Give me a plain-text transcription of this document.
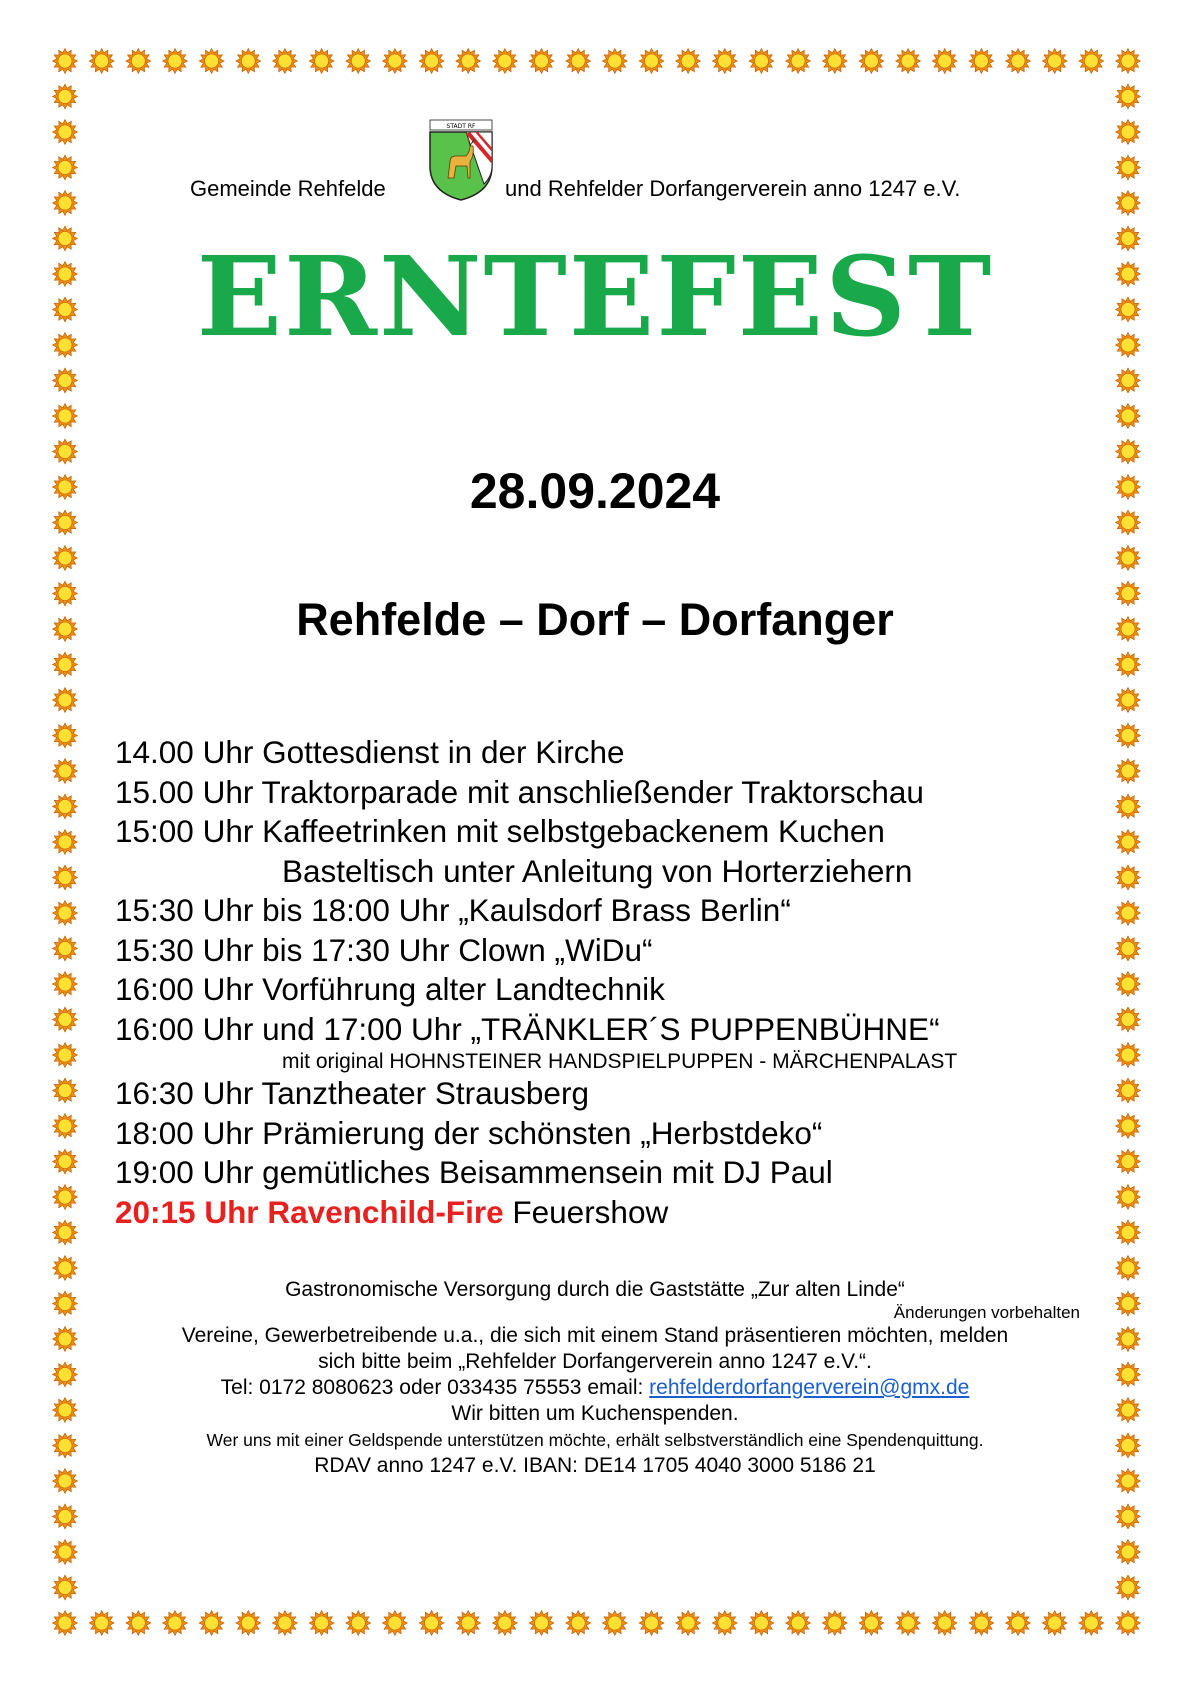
Gemeinde Rehfelde
STADT RF
und Rehfelder Dorfangerverein anno 1247 e.V.
ERNTEFEST
28.09.2024
Rehfelde – Dorf – Dorfanger
14.00 Uhr Gottesdienst in der Kirche
15.00 Uhr Traktorparade mit anschließender Traktorschau
15:00 Uhr Kaffeetrinken mit selbstgebackenem Kuchen
Basteltisch unter Anleitung von Horterziehern
15:30 Uhr bis 18:00 Uhr „Kaulsdorf Brass Berlin“
15:30 Uhr bis 17:30 Uhr Clown „WiDu“
16:00 Uhr Vorführung alter Landtechnik
16:00 Uhr und 17:00 Uhr „TRÄNKLER´S PUPPENBÜHNE“
mit original HOHNSTEINER HANDSPIELPUPPEN - MÄRCHENPALAST
16:30 Uhr Tanztheater Strausberg
18:00 Uhr Prämierung der schönsten „Herbstdeko“
19:00 Uhr gemütliches Beisammensein mit DJ Paul
20:15 Uhr Ravenchild-Fire Feuershow
Gastronomische Versorgung durch die Gaststätte „Zur alten Linde“
Änderungen vorbehalten
Vereine, Gewerbetreibende u.a., die sich mit einem Stand präsentieren möchten, melden
sich bitte beim „Rehfelder Dorfangerverein anno 1247 e.V.“.
Tel: 0172 8080623 oder 033435 75553 email: rehfelderdorfangerverein@gmx.de
Wir bitten um Kuchenspenden.
Wer uns mit einer Geldspende unterstützen möchte, erhält selbstverständlich eine Spendenquittung.
RDAV anno 1247 e.V. IBAN: DE14 1705 4040 3000 5186 21
